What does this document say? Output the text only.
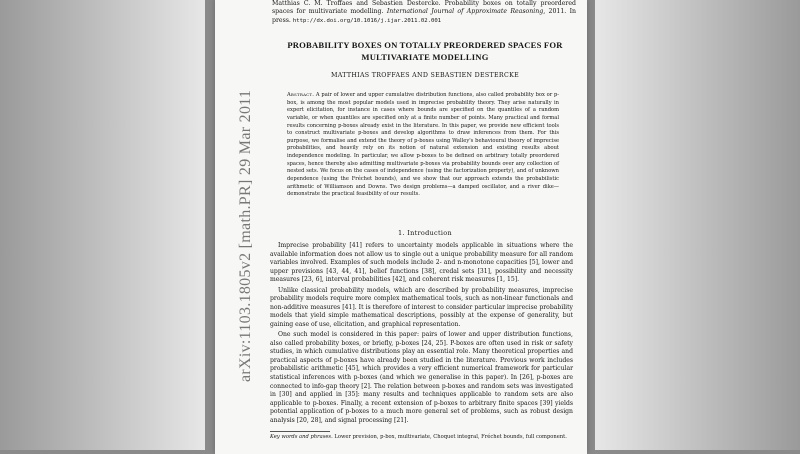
arXiv:1103.1805v2 [math.PR] 29 Mar 2011
Matthias C. M. Troffaes and Sebastien Destercke. Probability boxes on totally preordered spaces for multivariate modelling. International Journal of Approximate Reasoning, 2011. In press. http://dx.doi.org/10.1016/j.ijar.2011.02.001
PROBABILITY BOXES ON TOTALLY PREORDERED SPACES FOR MULTIVARIATE MODELLING
MATTHIAS TROFFAES AND SEBASTIEN DESTERCKE
Abstract. A pair of lower and upper cumulative distribution functions, also called probability box or p-box, is among the most popular models used in imprecise probability theory. They arise naturally in expert elicitation, for instance in cases where bounds are specified on the quantiles of a random variable, or when quantiles are specified only at a finite number of points. Many practical and formal results concerning p-boxes already exist in the literature. In this paper, we provide new efficient tools to construct multivariate p-boxes and develop algorithms to draw inferences from them. For this purpose, we formalise and extend the theory of p-boxes using Walley's behavioural theory of imprecise probabilities, and heavily rely on its notion of natural extension and existing results about independence modeling. In particular, we allow p-boxes to be defined on arbitrary totally preordered spaces, hence thereby also admitting multivariate p-boxes via probability bounds over any collection of nested sets. We focus on the cases of independence (using the factorization property), and of unknown dependence (using the Fréchet bounds), and we show that our approach extends the probabilistic arithmetic of Williamson and Downs. Two design problems—a damped oscillator, and a river dike—demonstrate the practical feasibility of our results.
1. Introduction

Imprecise probability [41] refers to uncertainty models applicable in situations where the available information does not allow us to single out a unique probability measure for all random variables involved. Examples of such models include 2- and n-monotone capacities [5], lower and upper previsions [43, 44, 41], belief functions [38], credal sets [31], possibility and necessity measures [23, 6], interval probabilities [42], and coherent risk measures [1, 15].

Unlike classical probability models, which are described by probability measures, imprecise probability models require more complex mathematical tools, such as non-linear functionals and non-additive measures [41]. It is therefore of interest to consider particular imprecise probability models that yield simple mathematical descriptions, possibly at the expense of generality, but gaining ease of use, elicitation, and graphical representation.

One such model is considered in this paper: pairs of lower and upper distribution functions, also called probability boxes, or briefly, p-boxes [24, 25]. P-boxes are often used in risk or safety studies, in which cumulative distributions play an essential role. Many theoretical properties and practical aspects of p-boxes have already been studied in the literature. Previous work includes probabilistic arithmetic [45], which provides a very efficient numerical framework for particular statistical inferences with p-boxes (and which we generalise in this paper). In [26], p-boxes are connected to info-gap theory [2]. The relation between p-boxes and random sets was investigated in [30] and applied in [35]: many results and techniques applicable to random sets are also applicable to p-boxes. Finally, a recent extension of p-boxes to arbitrary finite spaces [39] yields potential application of p-boxes to a much more general set of problems, such as robust design analysis [20, 28], and signal processing [21].

Key words and phrases. Lower prevision, p-box, multivariate, Choquet integral, Fréchet bounds, full component.
